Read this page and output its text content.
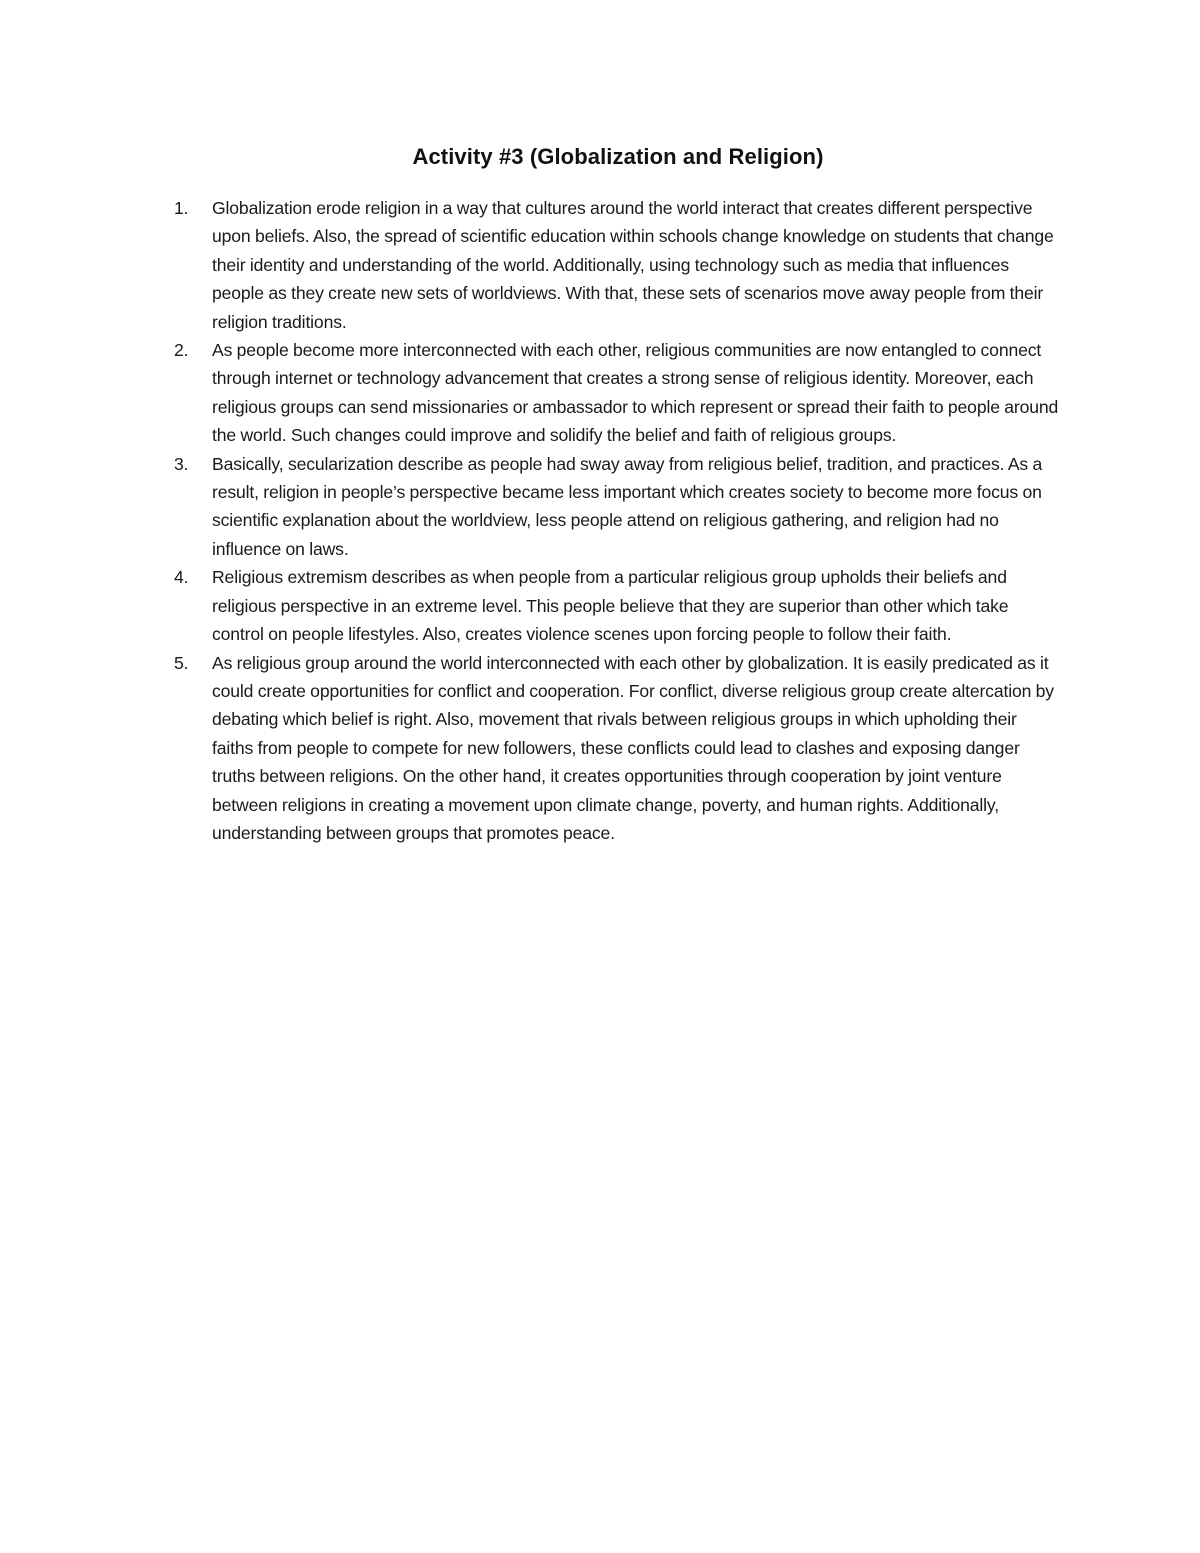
Activity #3 (Globalization and Religion)
1. Globalization erode religion in a way that cultures around the world interact that creates different perspective upon beliefs. Also, the spread of scientific education within schools change knowledge on students that change their identity and understanding of the world. Additionally, using technology such as media that influences people as they create new sets of worldviews. With that, these sets of scenarios move away people from their religion traditions.
2. As people become more interconnected with each other, religious communities are now entangled to connect through internet or technology advancement that creates a strong sense of religious identity. Moreover, each religious groups can send missionaries or ambassador to which represent or spread their faith to people around the world. Such changes could improve and solidify the belief and faith of religious groups.
3. Basically, secularization describe as people had sway away from religious belief, tradition, and practices. As a result, religion in people’s perspective became less important which creates society to become more focus on scientific explanation about the worldview, less people attend on religious gathering, and religion had no influence on laws.
4. Religious extremism describes as when people from a particular religious group upholds their beliefs and religious perspective in an extreme level. This people believe that they are superior than other which take control on people lifestyles. Also, creates violence scenes upon forcing people to follow their faith.
5. As religious group around the world interconnected with each other by globalization. It is easily predicated as it could create opportunities for conflict and cooperation. For conflict, diverse religious group create altercation by debating which belief is right. Also, movement that rivals between religious groups in which upholding their faiths from people to compete for new followers, these conflicts could lead to clashes and exposing danger truths between religions. On the other hand, it creates opportunities through cooperation by joint venture between religions in creating a movement upon climate change, poverty, and human rights. Additionally, understanding between groups that promotes peace.
